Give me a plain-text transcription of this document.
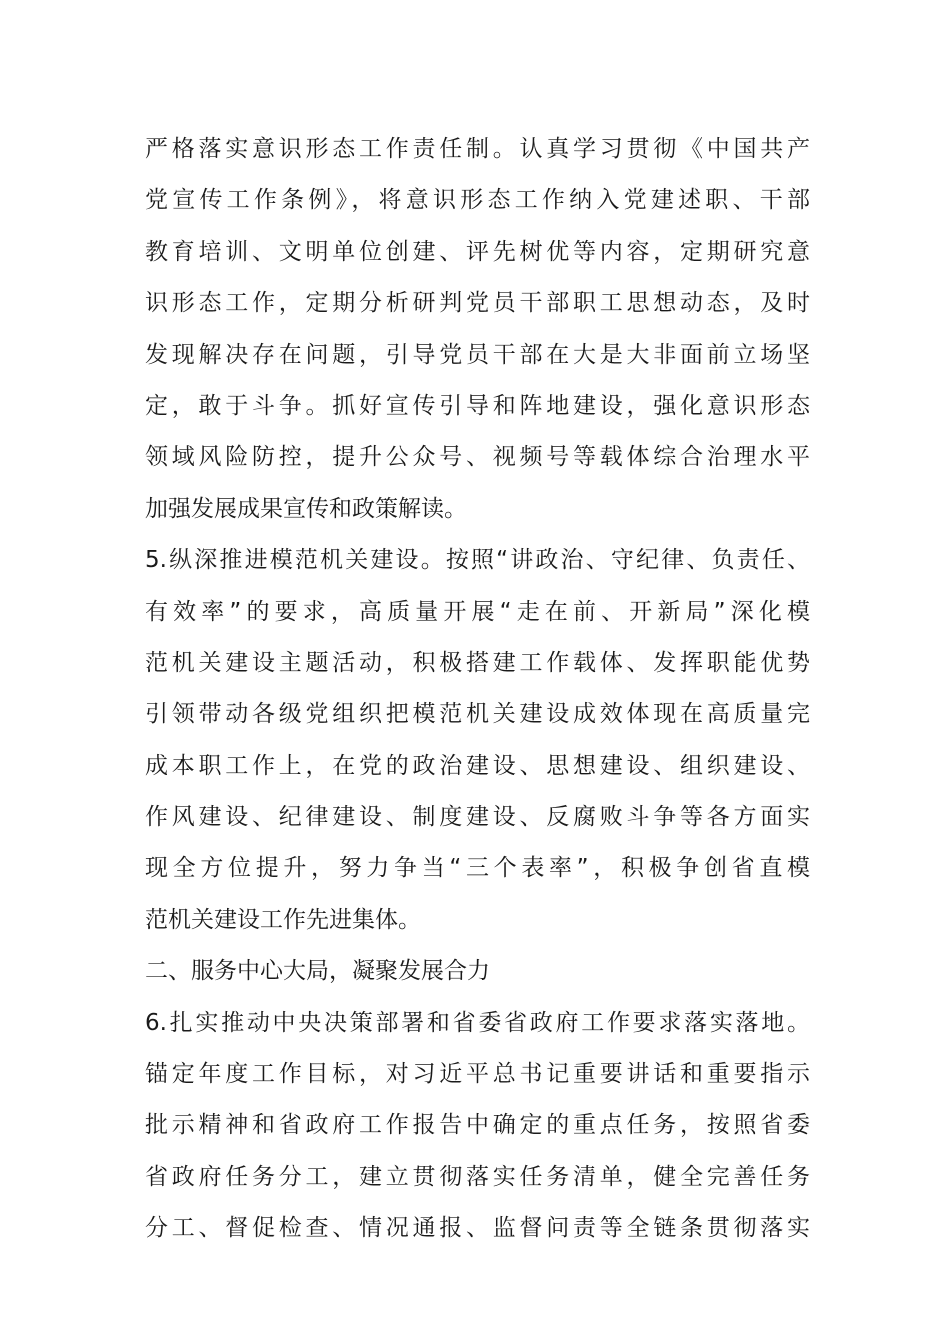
严格落实意识形态工作责任制。认真学习贯彻《中国共产
党宣传工作条例》，将意识形态工作纳入党建述职、干部
教育培训、文明单位创建、评先树优等内容，定期研究意
识形态工作，定期分析研判党员干部职工思想动态，及时
发现解决存在问题，引导党员干部在大是大非面前立场坚
定，敢于斗争。抓好宣传引导和阵地建设，强化意识形态
领域风险防控，提升公众号、视频号等载体综合治理水平
加强发展成果宣传和政策解读。
5.纵深推进模范机关建设。按照“讲政治、守纪律、负责任、
有效率”的要求，高质量开展“走在前、开新局”深化模
范机关建设主题活动，积极搭建工作载体、发挥职能优势
引领带动各级党组织把模范机关建设成效体现在高质量完
成本职工作上，在党的政治建设、思想建设、组织建设、
作风建设、纪律建设、制度建设、反腐败斗争等各方面实
现全方位提升，努力争当“三个表率”，积极争创省直模
范机关建设工作先进集体。
二、服务中心大局，凝聚发展合力
6.扎实推动中央决策部署和省委省政府工作要求落实落地。
锚定年度工作目标，对习近平总书记重要讲话和重要指示
批示精神和省政府工作报告中确定的重点任务，按照省委
省政府任务分工，建立贯彻落实任务清单，健全完善任务
分工、督促检查、情况通报、监督问责等全链条贯彻落实
